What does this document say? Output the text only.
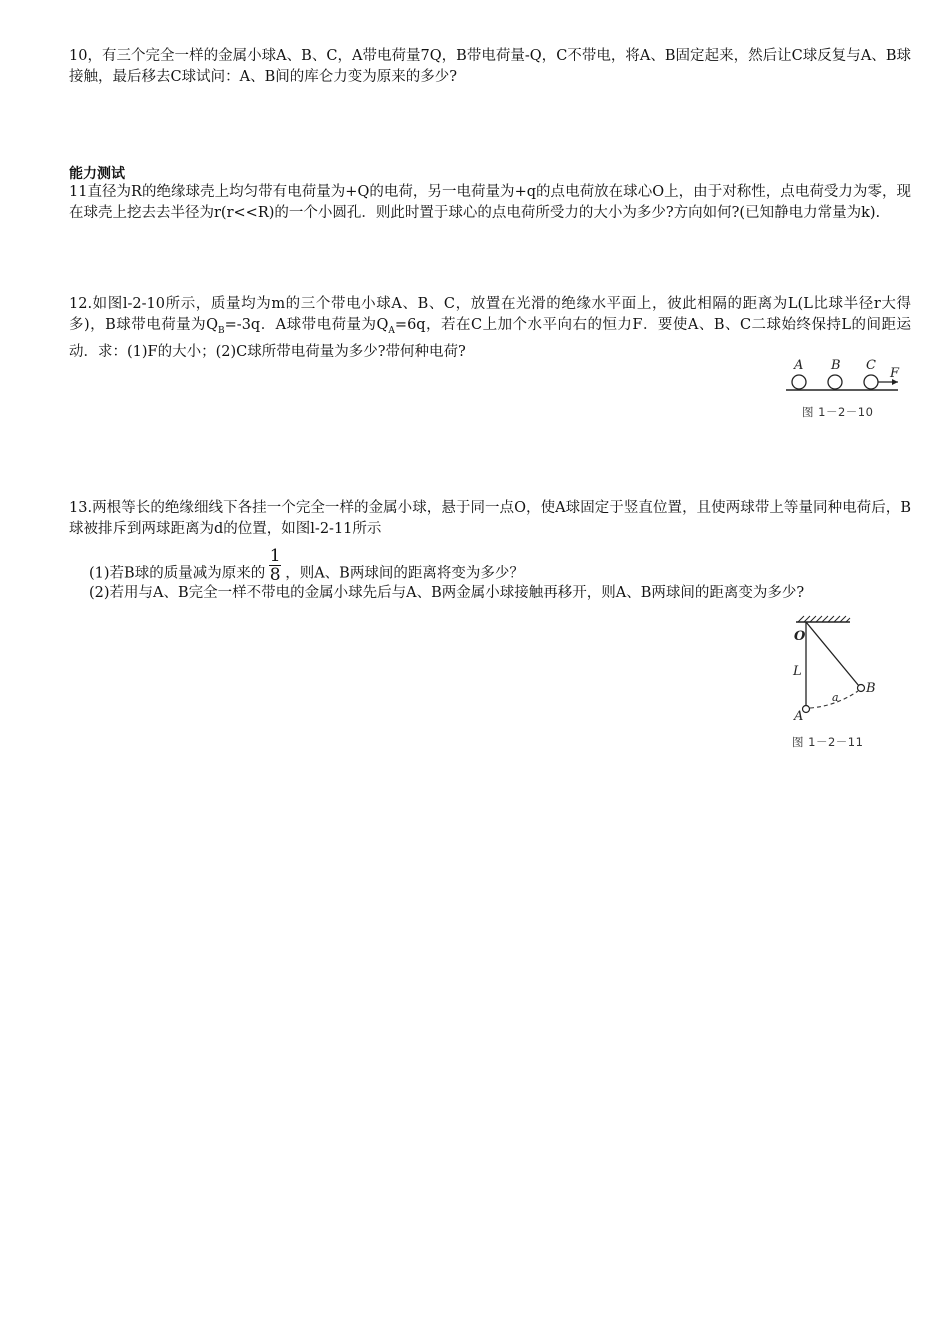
10，有三个完全一样的金属小球A、B、C，A带电荷量7Q，B带电荷量-Q，C不带电，将A、B固定起来，然后让C球反复与A、B球接触，最后移去C球试问：A、B间的库仑力变为原来的多少?

能力测试

11直径为R的绝缘球壳上均匀带有电荷量为+Q的电荷，另一电荷量为+q的点电荷放在球心O上，由于对称性，点电荷受力为零，现在球壳上挖去去半径为r(r<<R)的一个小圆孔．则此时置于球心的点电荷所受力的大小为多少?方向如何?(已知静电力常量为k).

12.如图l-2-10所示，质量均为m的三个带电小球A、B、C，放置在光滑的绝缘水平面上，彼此相隔的距离为L(L比球半径r大得多)，B球带电荷量为$Q_B=-3q$．A球带电荷量为$Q_A=6q$，若在C上加个水平向右的恒力F．要使A、B、C二球始终保持L的间距运动．求：(1)F的大小；(2)C球所带电荷量为多少?带何种电荷?

A B C
F
图 1－2－10

13.两根等长的绝缘细线下各挂一个完全一样的金属小球，悬于同一点O，使A球固定于竖直位置，且使两球带上等量同种电荷后，B球被排斥到两球距离为d的位置，如图l-2-11所示

(1)若B球的质量减为原来的 $\frac{1}{8}$ ，则A、B两球间的距离将变为多少？

(2)若用与A、B完全一样不带电的金属小球先后与A、B两金属小球接触再移开，则A、B两球间的距离变为多少?

O
L
B
A
a
图 1－2－11
